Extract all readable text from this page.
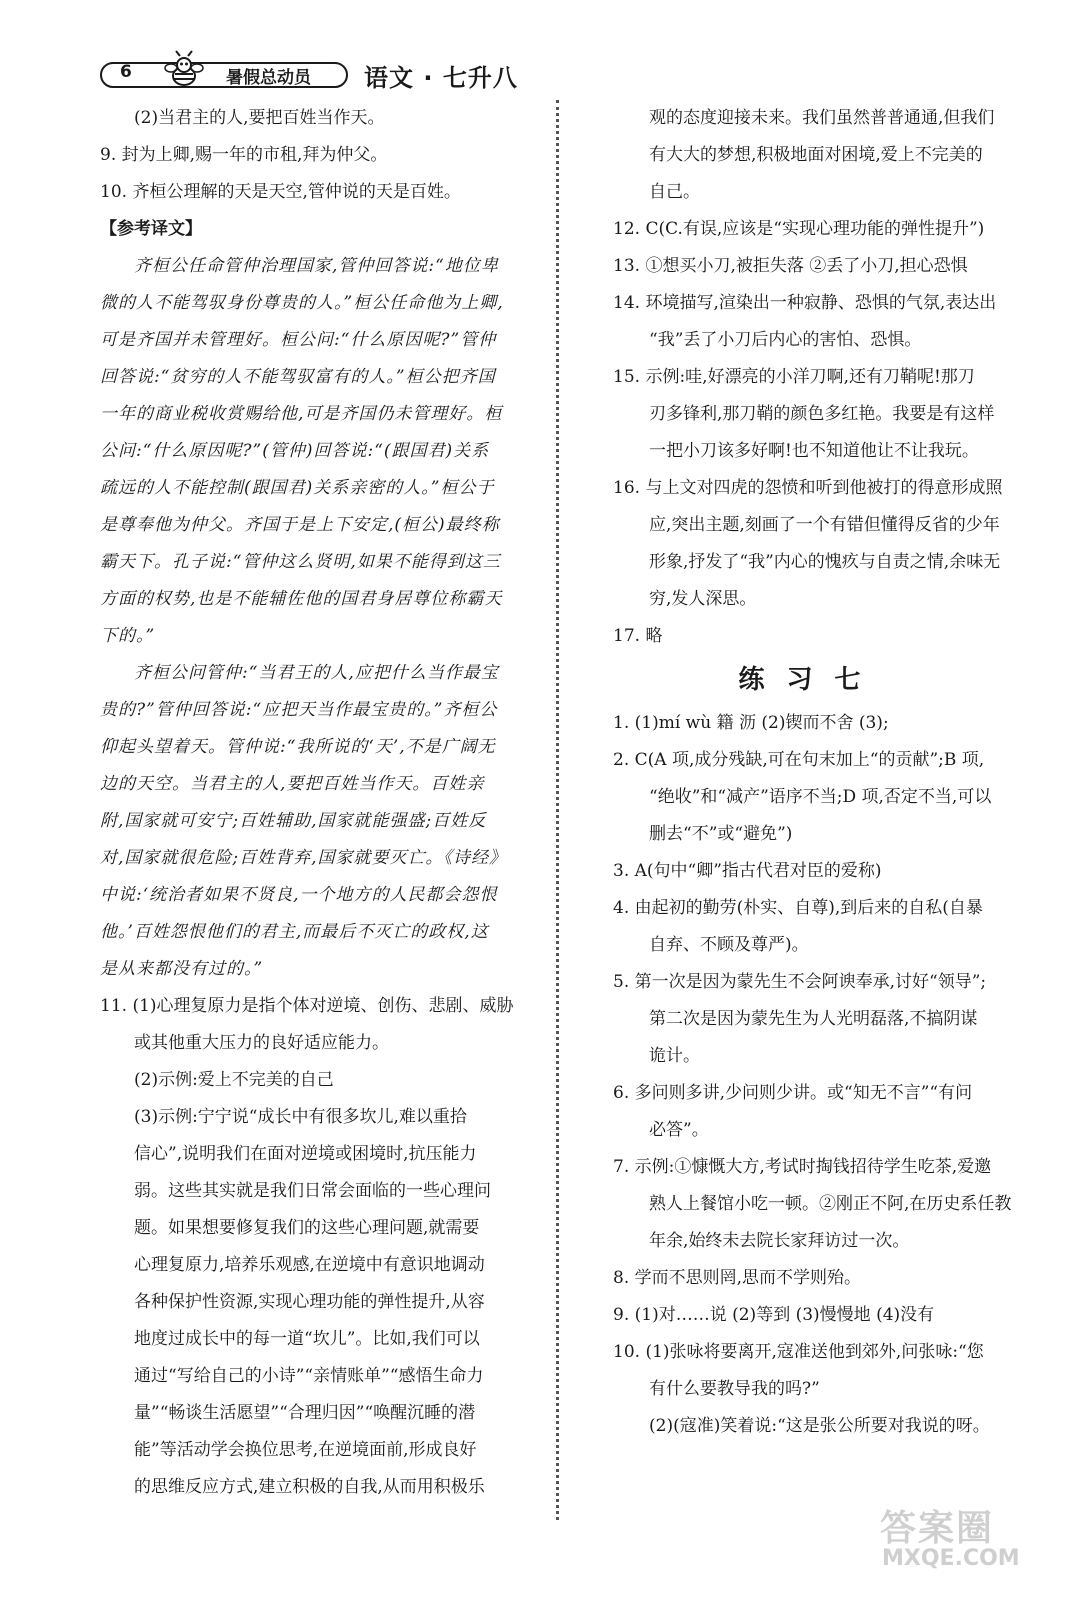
6	暑假总动员 语文 · 七升八
(2)当君主的人,要把百姓当作天。
9. 封为上卿,赐一年的市租,拜为仲父。
10. 齐桓公理解的天是天空,管仲说的天是百姓。
【参考译文】
齐桓公任命管仲治理国家,管仲回答说:“地位卑
微的人不能驾驭身份尊贵的人。”桓公任命他为上卿,
可是齐国并未管理好。桓公问:“什么原因呢?”管仲
回答说:“贫穷的人不能驾驭富有的人。”桓公把齐国
一年的商业税收赏赐给他,可是齐国仍未管理好。桓
公问:“什么原因呢?”(管仲)回答说:“(跟国君)关系
疏远的人不能控制(跟国君)关系亲密的人。”桓公于
是尊奉他为仲父。齐国于是上下安定,(桓公)最终称
霸天下。孔子说:“管仲这么贤明,如果不能得到这三
方面的权势,也是不能辅佐他的国君身居尊位称霸天
下的。”
齐桓公问管仲:“当君王的人,应把什么当作最宝
贵的?”管仲回答说:“应把天当作最宝贵的。”齐桓公
仰起头望着天。管仲说:“我所说的‘天’,不是广阔无
边的天空。当君主的人,要把百姓当作天。百姓亲
附,国家就可安宁;百姓辅助,国家就能强盛;百姓反
对,国家就很危险;百姓背弃,国家就要灭亡。《诗经》
中说:‘统治者如果不贤良,一个地方的人民都会怨恨
他。’百姓怨恨他们的君主,而最后不灭亡的政权,这
是从来都没有过的。”
11. (1)心理复原力是指个体对逆境、创伤、悲剧、威胁
或其他重大压力的良好适应能力。
(2)示例:爱上不完美的自己
(3)示例:宁宁说“成长中有很多坎儿,难以重拾
信心”,说明我们在面对逆境或困境时,抗压能力
弱。这些其实就是我们日常会面临的一些心理问
题。如果想要修复我们的这些心理问题,就需要
心理复原力,培养乐观感,在逆境中有意识地调动
各种保护性资源,实现心理功能的弹性提升,从容
地度过成长中的每一道“坎儿”。比如,我们可以
通过“写给自己的小诗”“亲情账单”“感悟生命力
量”“畅谈生活愿望”“合理归因”“唤醒沉睡的潜
能”等活动学会换位思考,在逆境面前,形成良好
的思维反应方式,建立积极的自我,从而用积极乐
观的态度迎接未来。我们虽然普普通通,但我们
有大大的梦想,积极地面对困境,爱上不完美的
自己。
12. C(C.有误,应该是“实现心理功能的弹性提升”)
13. ①想买小刀,被拒失落 ②丢了小刀,担心恐惧
14. 环境描写,渲染出一种寂静、恐惧的气氛,表达出
“我”丢了小刀后内心的害怕、恐惧。
15. 示例:哇,好漂亮的小洋刀啊,还有刀鞘呢!那刀
刃多锋利,那刀鞘的颜色多红艳。我要是有这样
一把小刀该多好啊!也不知道他让不让我玩。
16. 与上文对四虎的怨愤和听到他被打的得意形成照
应,突出主题,刻画了一个有错但懂得反省的少年
形象,抒发了“我”内心的愧疚与自责之情,余味无
穷,发人深思。
17. 略
练习七
1. (1)mí wù 籍 沥 (2)锲而不舍 (3);
2. C(A 项,成分残缺,可在句末加上“的贡献”;B 项,
“绝收”和“减产”语序不当;D 项,否定不当,可以
删去“不”或“避免”)
3. A(句中“卿”指古代君对臣的爱称)
4. 由起初的勤劳(朴实、自尊),到后来的自私(自暴
自弃、不顾及尊严)。
5. 第一次是因为蒙先生不会阿谀奉承,讨好“领导”;
第二次是因为蒙先生为人光明磊落,不搞阴谋
诡计。
6. 多问则多讲,少问则少讲。或“知无不言”“有问
必答”。
7. 示例:①慷慨大方,考试时掏钱招待学生吃茶,爱邀
熟人上餐馆小吃一顿。②刚正不阿,在历史系任教
年余,始终未去院长家拜访过一次。
8. 学而不思则罔,思而不学则殆。
9. (1)对……说 (2)等到 (3)慢慢地 (4)没有
10. (1)张咏将要离开,寇准送他到郊外,问张咏:“您
有什么要教导我的吗?”
(2)(寇准)笑着说:“这是张公所要对我说的呀。
答案圈
MXQE.COM
